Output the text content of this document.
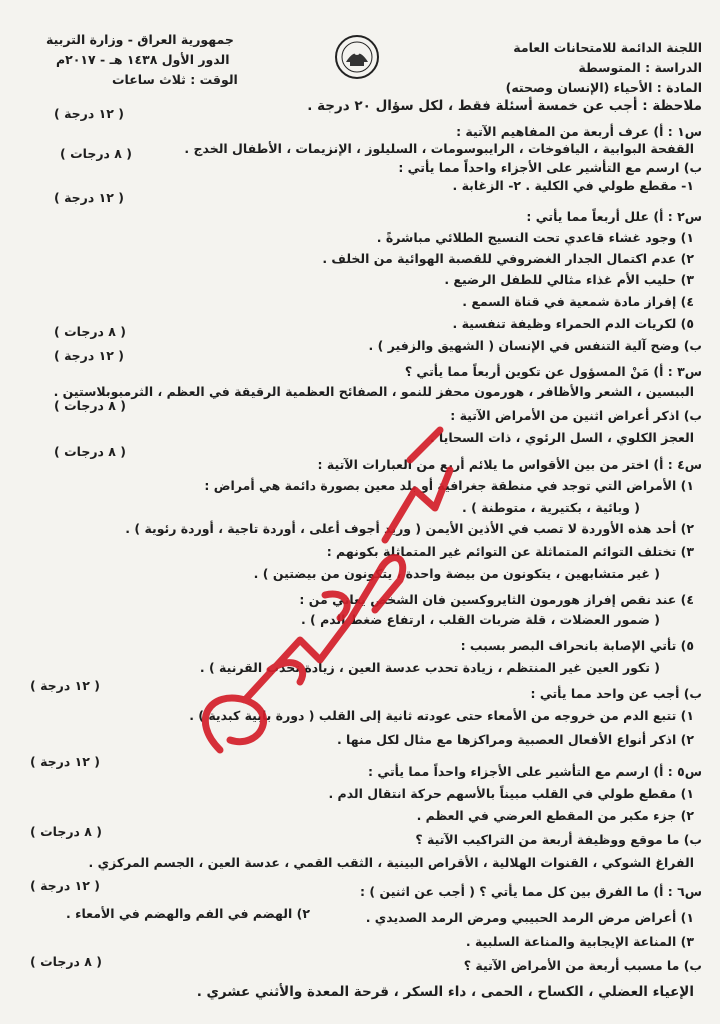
اللجنة الدائمة للامتحانات العامة
الدراسة : المتوسطة
المادة : الأحياء (الإنسان وصحته)
جمهورية العراق - وزارة التربية
الدور الأول ١٤٣٨ هـ - ٢٠١٧م
الوقت : ثلاث ساعات
ملاحظة : أجب عن خمسة أسئلة فقط ، لكل سؤال ٢٠ درجة .
( ١٢ درجة )
س١ : أ) عرف أربعة من المفاهيم الآتية :
القفحة البوابية ، اليافوخات ، الرايبوسومات ، السليلوز ، الإنزيمات ، الأطفال الخدج .
( ٨ درجات )
ب) ارسم مع التأشير على الأجزاء واحداً مما يأتي :
١- مقطع طولي في الكلية . ٢- الزغابة .
( ١٢ درجة )
س٢ : أ) علل أربعاً مما يأتي :
١) وجود غشاء قاعدي تحت النسيج الطلائي مباشرةً .
٢) عدم اكتمال الجدار الغضروفي للقصبة الهوائية من الخلف .
٣) حليب الأم غذاء مثالي للطفل الرضيع .
٤) إفراز مادة شمعية في قناة السمع .
٥) لكريات الدم الحمراء وظيفة تنفسية .
( ٨ درجات )
ب) وضح آلية التنفس في الإنسان ( الشهيق والزفير ) .
( ١٢ درجة )
س٣ : أ) مَنْ المسؤول عن تكوين أربعاً مما يأتي ؟
الببسين ، الشعر والأظافر ، هورمون محفز للنمو ، الصفائح العظمية الرقيقة في العظم ، الثرمبوبلاستين .
( ٨ درجات )
ب) اذكر أعراض اثنين من الأمراض الآتية :
العجز الكلوي ، السل الرئوي ، ذات السحايا .
( ٨ درجات )
س٤ : أ) اختر من بين الأقواس ما يلائم أربع من العبارات الآتية :
١) الأمراض التي توجد في منطقة جغرافية أو بلد معين بصورة دائمة هي أمراض :
( وبائية ، بكتيرية ، متوطنة ) .
٢) أحد هذه الأوردة لا تصب في الأذين الأيمن ( وريد أجوف أعلى ، أوردة تاجية ، أوردة رئوية ) .
٣) تختلف التوائم المتماثلة عن التوائم غير المتماثلة بكونهم :
( غير متشابهين ، يتكونون من بيضة واحدة ، يتكونون من بيضتين ) .
٤) عند نقص إفراز هورمون الثايروكسين فان الشخص يعاني من :
( ضمور العضلات ، قلة ضربات القلب ، ارتفاع ضغط الدم ) .
٥) تأتي الإصابة بانحراف البصر بسبب :
( تكور العين غير المنتظم ، زيادة تحدب عدسة العين ، زيادة تحدب القرنية ) .
( ١٢ درجة )
ب) أجب عن واحد مما يأتي :
١) تتبع الدم من خروجه من الأمعاء حتى عودته ثانية إلى القلب ( دورة بابية كبدية ) .
٢) اذكر أنواع الأفعال العصبية ومراكزها مع مثال لكل منها .
( ١٢ درجة )
س٥ : أ) ارسم مع التأشير على الأجزاء واحداً مما يأتي :
١) مقطع طولي في القلب مبيناً بالأسهم حركة انتقال الدم .
٢) جزء مكبر من المقطع العرضي في العظم .
( ٨ درجات )
ب) ما موقع ووظيفة أربعة من التراكيب الآتية ؟
الفراغ الشوكي ، القنوات الهلالية ، الأقراص البينية ، الثقب القمي ، عدسة العين ، الجسم المركزي .
( ١٢ درجة )	س٦ : أ) ما الفرق بين كل مما يأتي ؟ ( أجب عن اثنين ) :
١) أعراض مرض الرمد الحبيبي ومرض الرمد الصديدي .
٢) الهضم في الفم والهضم في الأمعاء .
٣) المناعة الإيجابية والمناعة السلبية .
( ٨ درجات )	ب) ما مسبب أربعة من الأمراض الآتية ؟
الإعياء العضلي ، الكساح ، الحمى ، داء السكر ، قرحة المعدة والأثني عشري .
